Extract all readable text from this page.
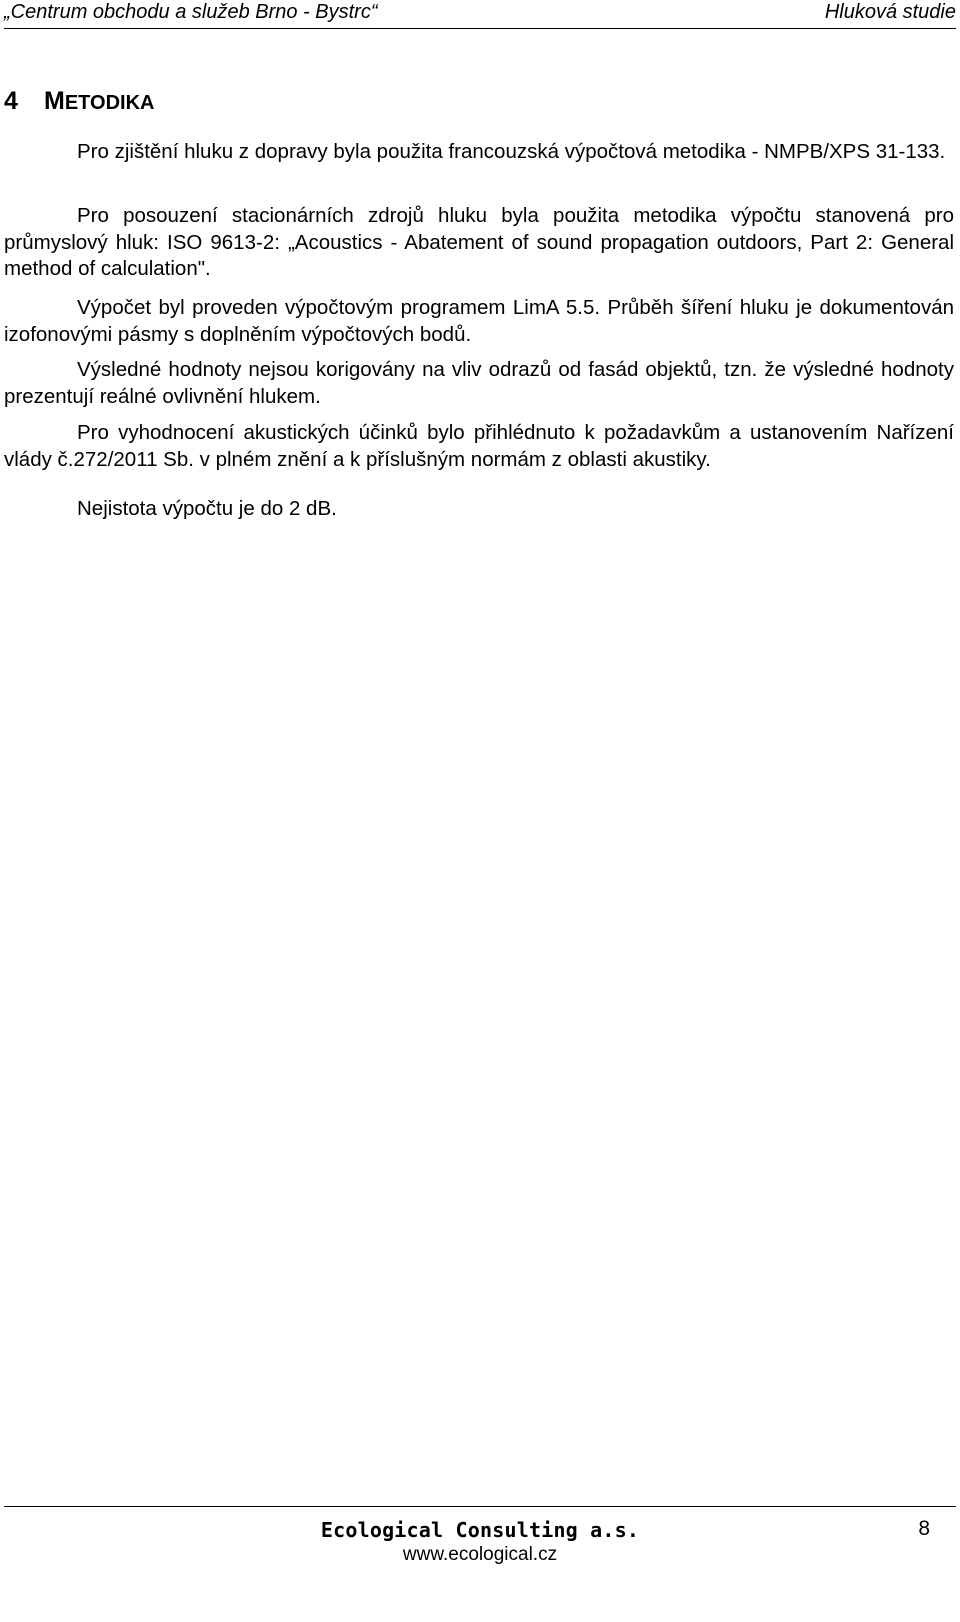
„Centrum obchodu a služeb Brno - Bystrc“	Hluková studie
4 METODIKA

Pro zjištění hluku z dopravy byla použita francouzská výpočtová metodika - NMPB/XPS 31-133.

Pro posouzení stacionárních zdrojů hluku byla použita metodika výpočtu stanovená pro průmyslový hluk: ISO 9613-2: „Acoustics - Abatement of sound propagation outdoors, Part 2: General method of calculation".

Výpočet byl proveden výpočtovým programem LimA 5.5. Průběh šíření hluku je dokumentován izofonovými pásmy s doplněním výpočtových bodů.

Výsledné hodnoty nejsou korigovány na vliv odrazů od fasád objektů, tzn. že výsledné hodnoty prezentují reálné ovlivnění hlukem.

Pro vyhodnocení akustických účinků bylo přihlédnuto k požadavkům a ustanovením Nařízení vlády č.272/2011 Sb. v plném znění a k příslušným normám z oblasti akustiky.

Nejistota výpočtu je do 2 dB.

Ecological Consulting a.s.	8
www.ecological.cz
